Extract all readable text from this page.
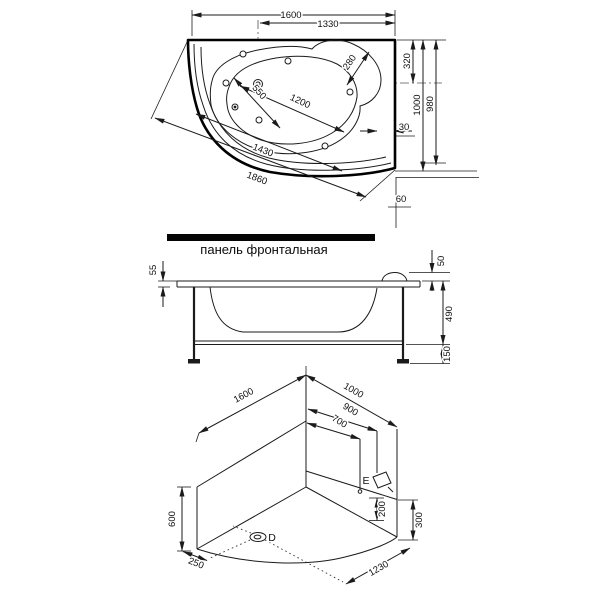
1600
1330
280	320
1000 980
30
550 1200
1430
1860
60
панель фронтальная
55
50
490
150
1600	1000
900
700
600	300
200
250	1230
D
E
